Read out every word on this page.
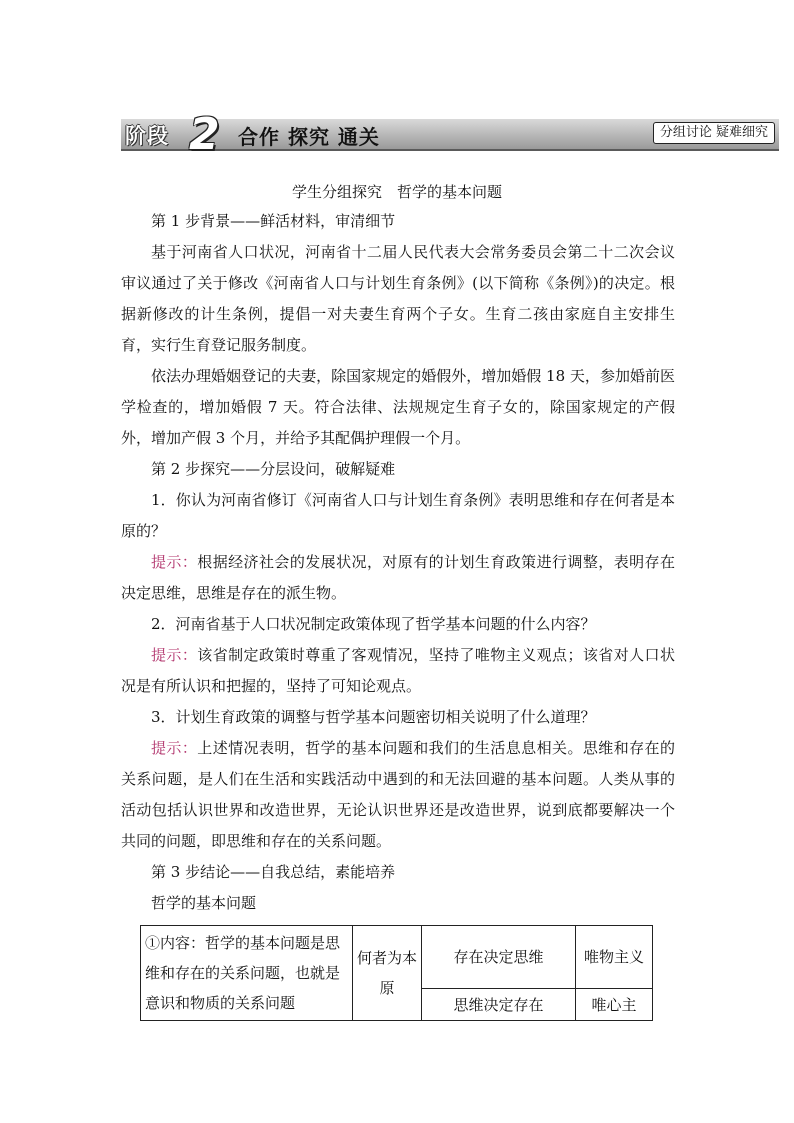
阶段 2 合作 探究 通关	分组讨论 疑难细究
学生分组探究　哲学的基本问题
第 1 步背景——鲜活材料，审清细节
基于河南省人口状况，河南省十二届人民代表大会常务委员会第二十二次会议审议通过了关于修改《河南省人口与计划生育条例》(以下简称《条例》)的决定。根据新修改的计生条例，提倡一对夫妻生育两个子女。生育二孩由家庭自主安排生育，实行生育登记服务制度。
依法办理婚姻登记的夫妻，除国家规定的婚假外，增加婚假 18 天，参加婚前医学检查的，增加婚假 7 天。符合法律、法规规定生育子女的，除国家规定的产假外，增加产假 3 个月，并给予其配偶护理假一个月。
第 2 步探究——分层设问，破解疑难
1．你认为河南省修订《河南省人口与计划生育条例》表明思维和存在何者是本原的？
提示：根据经济社会的发展状况，对原有的计划生育政策进行调整，表明存在决定思维，思维是存在的派生物。
2．河南省基于人口状况制定政策体现了哲学基本问题的什么内容？
提示：该省制定政策时尊重了客观情况，坚持了唯物主义观点；该省对人口状况是有所认识和把握的，坚持了可知论观点。
3．计划生育政策的调整与哲学基本问题密切相关说明了什么道理？
提示：上述情况表明，哲学的基本问题和我们的生活息息相关。思维和存在的关系问题，是人们在生活和实践活动中遇到的和无法回避的基本问题。人类从事的活动包括认识世界和改造世界，无论认识世界还是改造世界，说到底都要解决一个共同的问题，即思维和存在的关系问题。
第 3 步结论——自我总结，素能培养
哲学的基本问题
①内容：哲学的基本问题是思维和存在的关系问题，也就是意识和物质的关系问题	何者为本原	存在决定思维	唯物主义
		思维决定存在	唯心主
